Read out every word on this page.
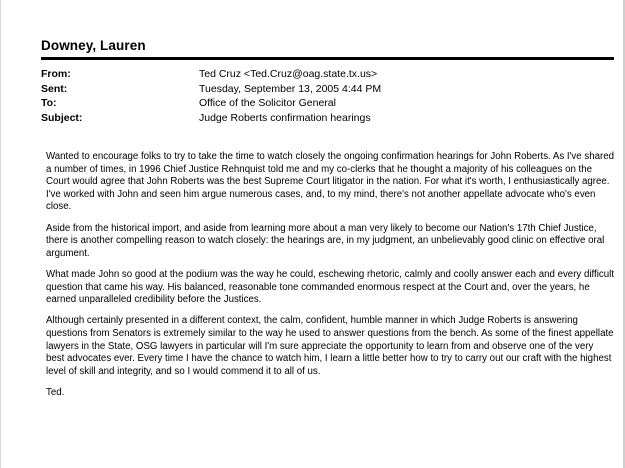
Downey, Lauren
From:	Ted Cruz <Ted.Cruz@oag.state.tx.us>
Sent:	Tuesday, September 13, 2005 4:44 PM
To:	Office of the Solicitor General
Subject:	Judge Roberts confirmation hearings

Wanted to encourage folks to try to take the time to watch closely the ongoing confirmation hearings for John Roberts. As I've shared a number of times, in 1996 Chief Justice Rehnquist told me and my co-clerks that he thought a majority of his colleagues on the Court would agree that John Roberts was the best Supreme Court litigator in the nation. For what it's worth, I enthusiastically agree. I've worked with John and seen him argue numerous cases, and, to my mind, there's not another appellate advocate who's even close.

Aside from the historical import, and aside from learning more about a man very likely to become our Nation's 17th Chief Justice, there is another compelling reason to watch closely: the hearings are, in my judgment, an unbelievably good clinic on effective oral argument.

What made John so good at the podium was the way he could, eschewing rhetoric, calmly and coolly answer each and every difficult question that came his way. His balanced, reasonable tone commanded enormous respect at the Court and, over the years, he earned unparalleled credibility before the Justices.

Although certainly presented in a different context, the calm, confident, humble manner in which Judge Roberts is answering questions from Senators is extremely similar to the way he used to answer questions from the bench. As some of the finest appellate lawyers in the State, OSG lawyers in particular will I'm sure appreciate the opportunity to learn from and observe one of the very best advocates ever. Every time I have the chance to watch him, I learn a little better how to try to carry out our craft with the highest level of skill and integrity, and so I would commend it to all of us.

Ted.
